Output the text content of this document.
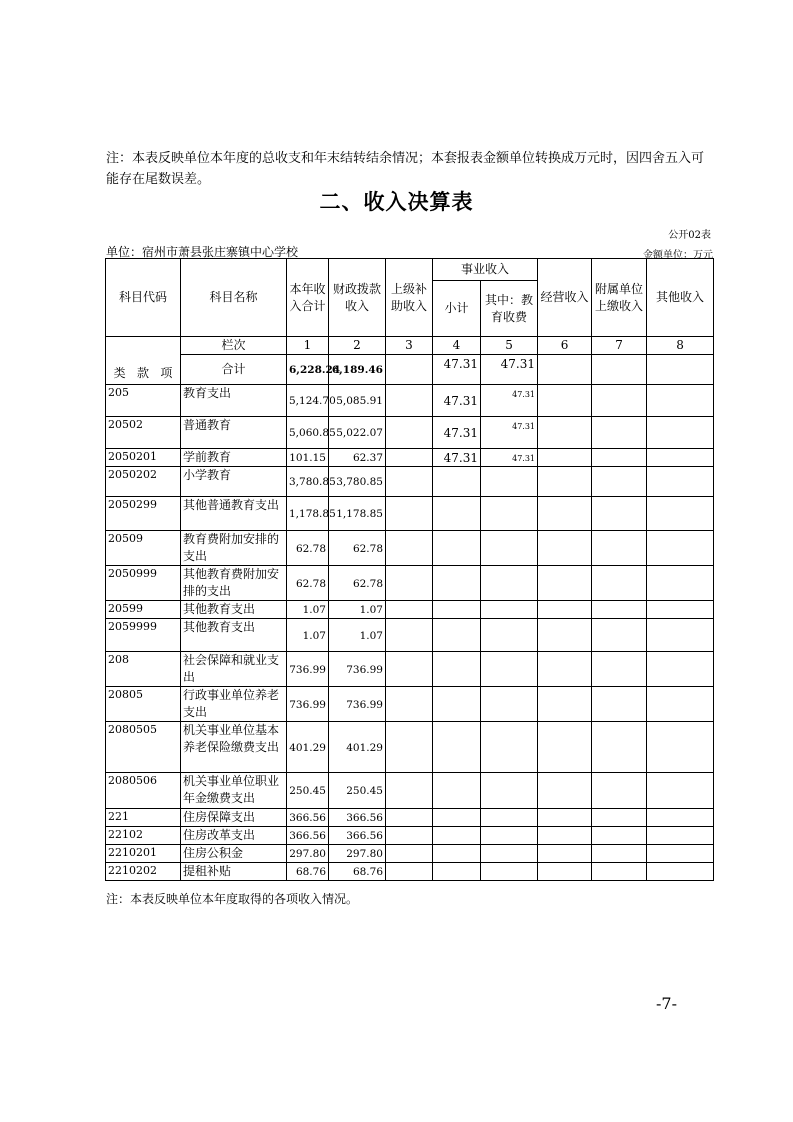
注：本表反映单位本年度的总收支和年末结转结余情况；本套报表金额单位转换成万元时，因四舍五入可能存在尾数误差。
二、收入决算表
公开02表
单位：宿州市萧县张庄寨镇中心学校	金额单位：万元
科目代码	科目名称	本年收入合计	财政拨款收入	上级补助收入	事业收入		经营收入	附属单位上缴收入	其他收入
					小计	其中：教育收费			

类 款 项	栏次	1	2	3	4	5	6	7	8
	合计	6,228.24	6,189.46		47.31	47.31			
205	教育支出	5,124.70	5,085.91		47.31	47.31			
20502	普通教育	5,060.85	5,022.07		47.31	47.31			
2050201	学前教育	101.15	62.37		47.31	47.31			
2050202	小学教育	3,780.85	3,780.85						
2050299	其他普通教育支出	1,178.85	1,178.85						
20509	教育费附加安排的支出	62.78	62.78						
2050999	其他教育费附加安排的支出	62.78	62.78						
20599	其他教育支出	1.07	1.07						
2059999	其他教育支出	1.07	1.07						
208	社会保障和就业支出	736.99	736.99						
20805	行政事业单位养老支出	736.99	736.99						
2080505	机关事业单位基本养老保险缴费支出	401.29	401.29						
2080506	机关事业单位职业年金缴费支出	250.45	250.45						
221	住房保障支出	366.56	366.56						
22102	住房改革支出	366.56	366.56						
2210201	住房公积金	297.80	297.80						
2210202	提租补贴	68.76	68.76						
注：本表反映单位本年度取得的各项收入情况。
-7-
